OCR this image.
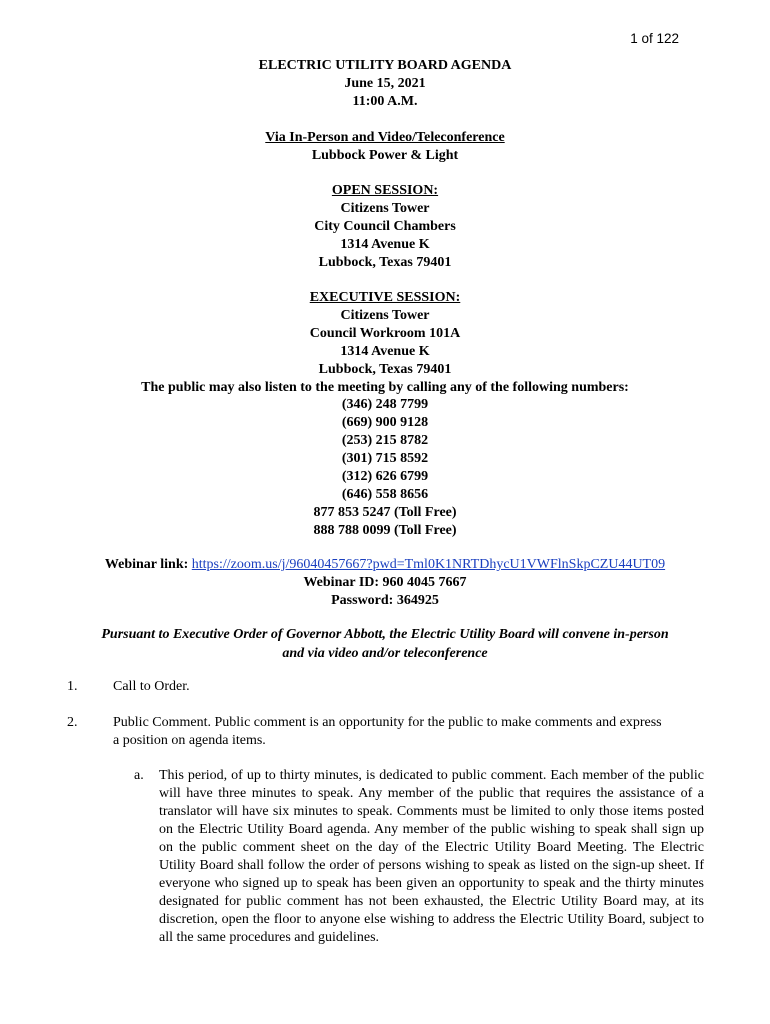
1 of 122
ELECTRIC UTILITY BOARD AGENDA
June 15, 2021
11:00 A.M.
Via In-Person and Video/Teleconference
Lubbock Power & Light
OPEN SESSION:
Citizens Tower
City Council Chambers
1314 Avenue K
Lubbock, Texas 79401
EXECUTIVE SESSION:
Citizens Tower
Council Workroom 101A
1314 Avenue K
Lubbock, Texas 79401
The public may also listen to the meeting by calling any of the following numbers:
(346) 248 7799
(669) 900 9128
(253) 215 8782
(301) 715 8592
(312) 626 6799
(646) 558 8656
877 853 5247 (Toll Free)
888 788 0099 (Toll Free)
Webinar link: https://zoom.us/j/96040457667?pwd=Tml0K1NRTDhycU1VWFlnSkpCZU44UT09
Webinar ID: 960 4045 7667
Password: 364925
Pursuant to Executive Order of Governor Abbott, the Electric Utility Board will convene in-person
and via video and/or teleconference
1.	Call to Order.
2.	Public Comment. Public comment is an opportunity for the public to make comments and express
a position on agenda items.
a. This period, of up to thirty minutes, is dedicated to public comment. Each member of the public will have three minutes to speak. Any member of the public that requires the assistance of a translator will have six minutes to speak. Comments must be limited to only those items posted on the Electric Utility Board agenda. Any member of the public wishing to speak shall sign up on the public comment sheet on the day of the Electric Utility Board Meeting. The Electric Utility Board shall follow the order of persons wishing to speak as listed on the sign-up sheet. If everyone who signed up to speak has been given an opportunity to speak and the thirty minutes designated for public comment has not been exhausted, the Electric Utility Board may, at its discretion, open the floor to anyone else wishing to address the Electric Utility Board, subject to all the same procedures and guidelines.
